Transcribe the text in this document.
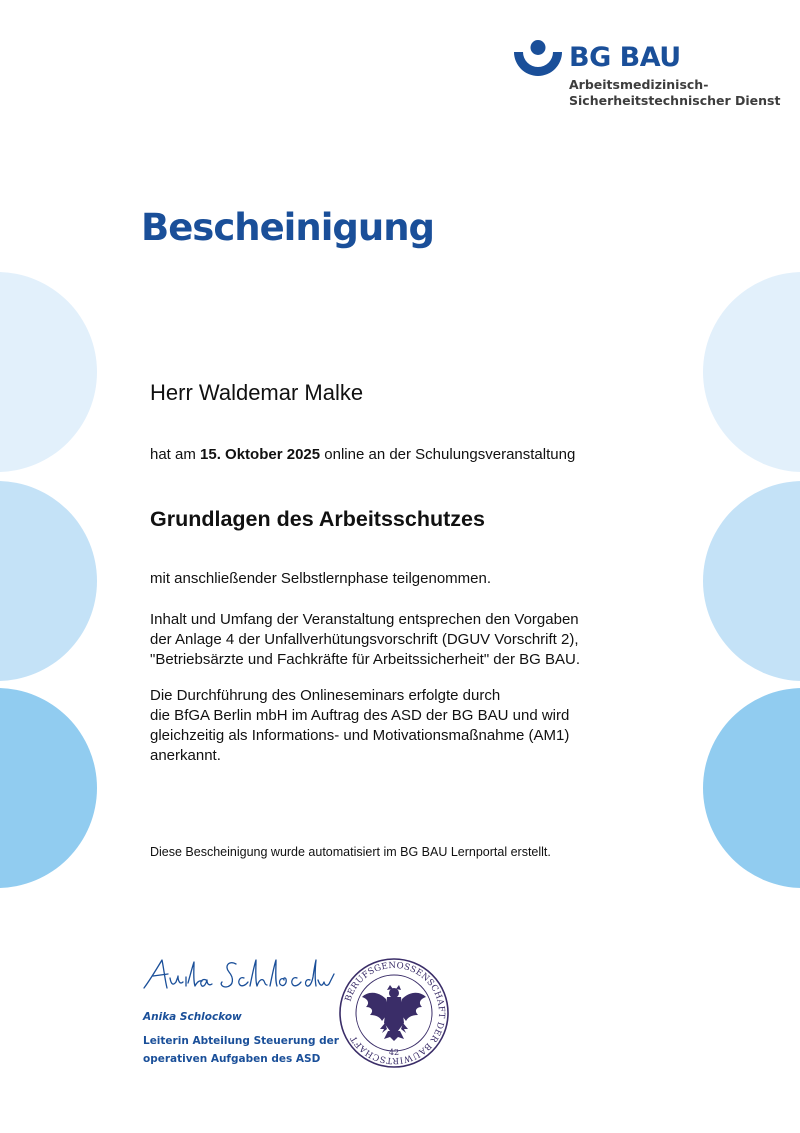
BG BAU
Arbeitsmedizinisch-
Sicherheitstechnischer Dienst
Bescheinigung
Herr Waldemar Malke
hat am 15. Oktober 2025 online an der Schulungsveranstaltung
Grundlagen des Arbeitsschutzes
mit anschließender Selbstlernphase teilgenommen.
Inhalt und Umfang der Veranstaltung entsprechen den Vorgaben
der Anlage 4 der Unfallverhütungsvorschrift (DGUV Vorschrift 2),
"Betriebsärzte und Fachkräfte für Arbeitssicherheit" der BG BAU.
Die Durchführung des Onlineseminars erfolgte durch
die BfGA Berlin mbH im Auftrag des ASD der BG BAU und wird
gleichzeitig als Informations- und Motivationsmaßnahme (AM1)
anerkannt.
Diese Bescheinigung wurde automatisiert im BG BAU Lernportal erstellt.
Anika Schlockow
Leiterin Abteilung Steuerung der
operativen Aufgaben des ASD
BERUFSGENOSSENSCHAFT DER BAUWIRTSCHAFT
42
